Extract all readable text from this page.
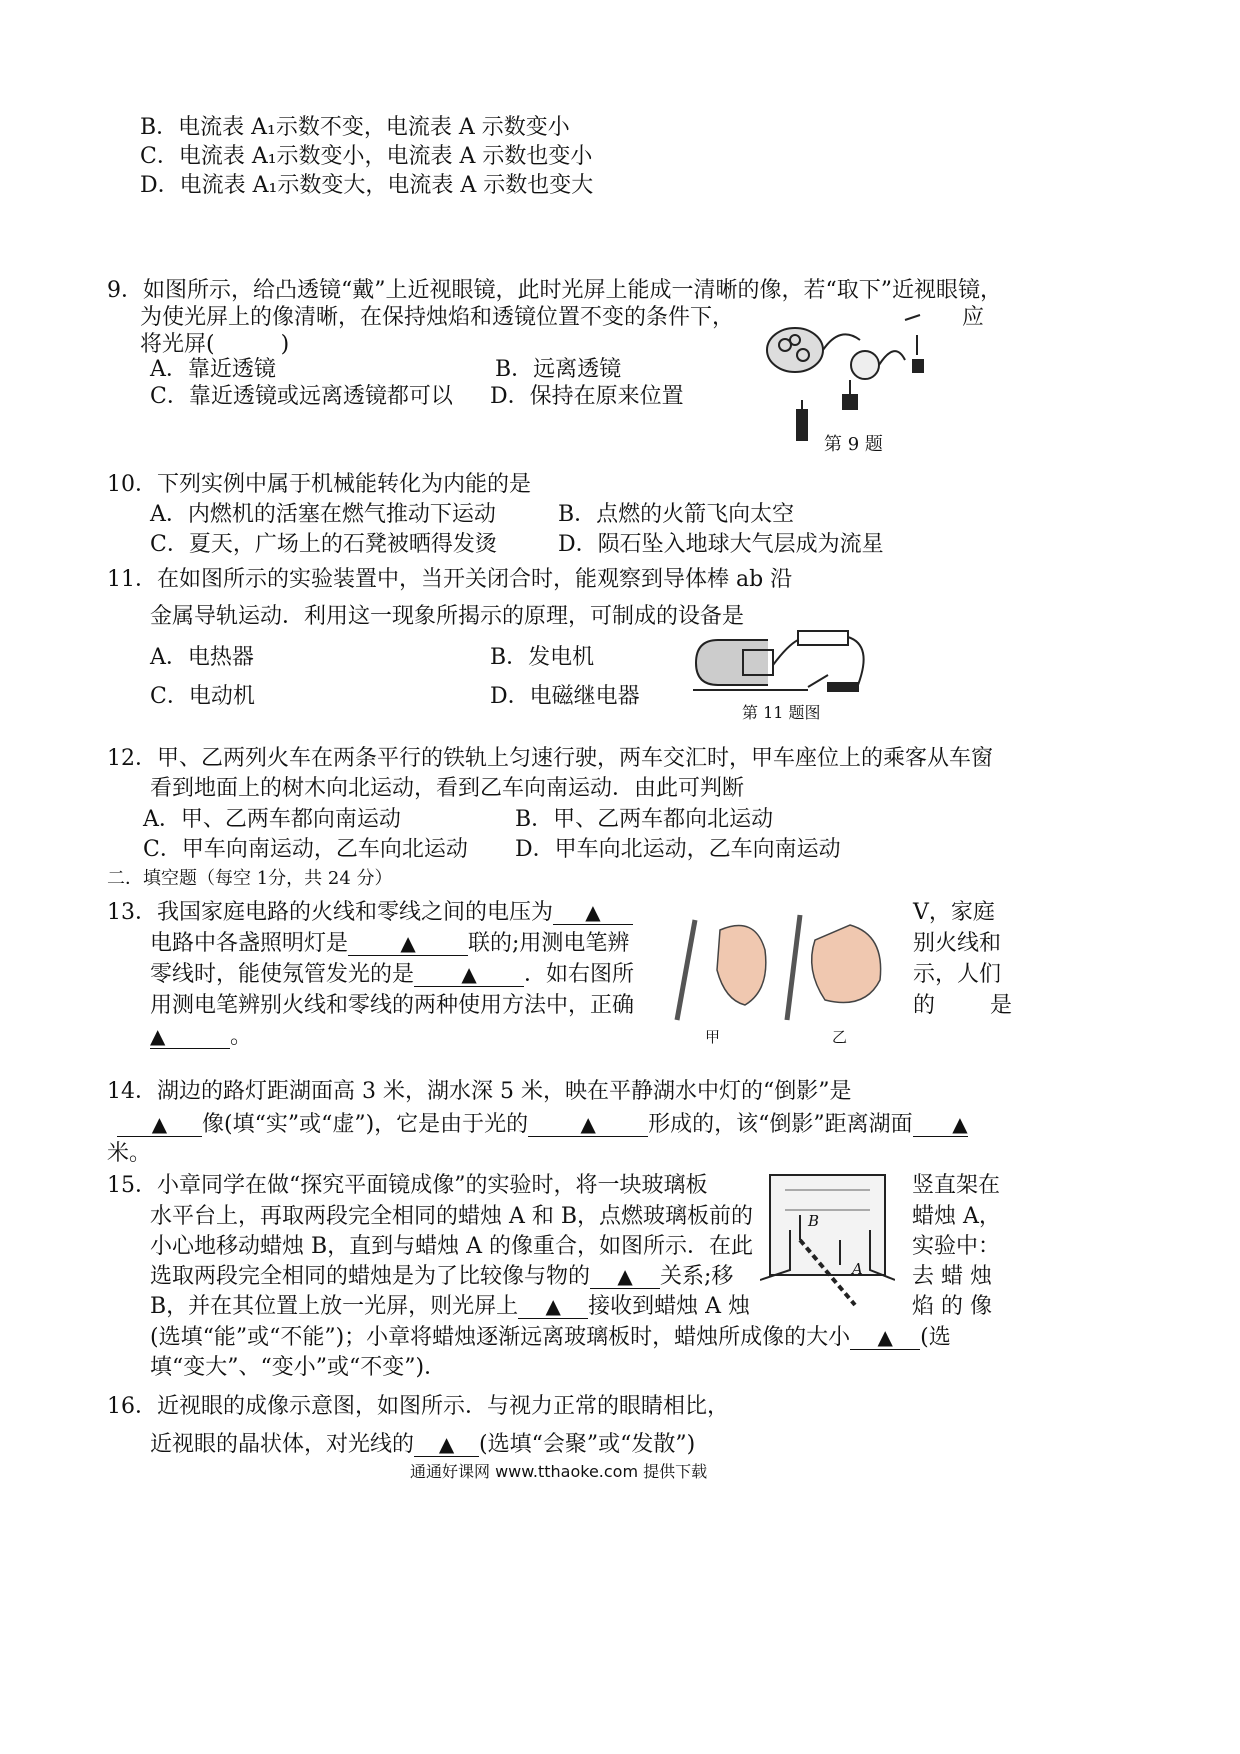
B．电流表 A₁示数不变，电流表 A 示数变小
C．电流表 A₁示数变小，电流表 A 示数也变小
D．电流表 A₁示数变大，电流表 A 示数也变大
9．如图所示，给凸透镜“戴”上近视眼镜，此时光屏上能成一清晰的像，若“取下”近视眼镜，
为使光屏上的像清晰，在保持烛焰和透镜位置不变的条件下，	应
将光屏(　　　)
A．靠近透镜	B．远离透镜
C．靠近透镜或远离透镜都可以 D．保持在原来位置
第 9 题
10．下列实例中属于机械能转化为内能的是
A．内燃机的活塞在燃气推动下运动	B．点燃的火箭飞向太空
C．夏天，广场上的石凳被晒得发烫	D．陨石坠入地球大气层成为流星
11．在如图所示的实验装置中，当开关闭合时，能观察到导体棒 ab 沿
金属导轨运动．利用这一现象所揭示的原理，可制成的设备是
A．电热器	B．发电机
C．电动机	D．电磁继电器
第 11 题图
12．甲、乙两列火车在两条平行的铁轨上匀速行驶，两车交汇时，甲车座位上的乘客从车窗
看到地面上的树木向北运动，看到乙车向南运动．由此可判断
A．甲、乙两车都向南运动	B．甲、乙两车都向北运动
C．甲车向南运动，乙车向北运动 D．甲车向北运动，乙车向南运动
二．填空题（每空 1分，共 24 分）
13．我国家庭电路的火线和零线之间的电压为 ▲	V，家庭
电路中各盏照明灯是	▲ 联的;用测电笔辨	别火线和
零线时，能使氖管发光的是 ▲ ．如右图所	示，人们
用测电笔辨别火线和零线的两种使用方法中，正确	的 是
▲	。	甲	乙
14．湖边的路灯距湖面高 3 米，湖水深 5 米，映在平静湖水中灯的“倒影”是
▲ 像(填“实”或“虚”)，它是由于光的	▲ 形成的，该“倒影”距离湖面 ▲
米。
15．小章同学在做“探究平面镜成像”的实验时，将一块玻璃板	竖直架在
水平台上，再取两段完全相同的蜡烛 A 和 B，点燃玻璃板前的	蜡烛 A，
小心地移动蜡烛 B，直到与蜡烛 A 的像重合，如图所示．在此	实验中：
选取两段完全相同的蜡烛是为了比较像与物的 ▲ 关系;移	去 蜡 烛
B，并在其位置上放一光屏，则光屏上 ▲ 接收到蜡烛 A 烛	焰 的 像
(选填“能”或“不能”)；小章将蜡烛逐渐远离玻璃板时，蜡烛所成像的大小 ▲ (选
填“变大”、“变小”或“不变”)．
B
A
16．近视眼的成像示意图，如图所示．与视力正常的眼睛相比，
近视眼的晶状体，对光线的 ▲ (选填“会聚”或“发散”)
通通好课网 www.tthaoke.com 提供下载
